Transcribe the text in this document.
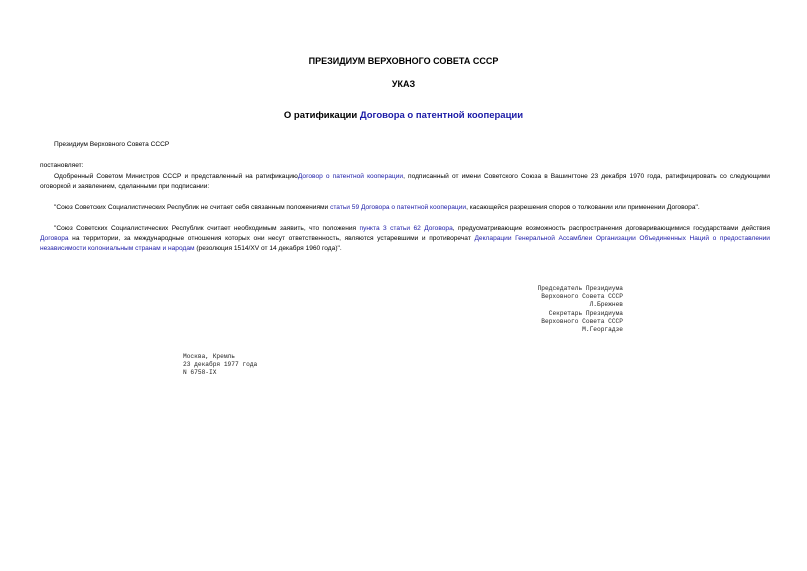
ПРЕЗИДИУМ ВЕРХОВНОГО СОВЕТА СССР
УКАЗ
О ратификации Договора о патентной кооперации
Президиум Верховного Совета СССР
постановляет:
Одобренный Советом Министров СССР и представленный на ратификациюДоговор о патентной кооперации, подписанный от имени Советского Союза в Вашингтоне 23 декабря 1970 года, ратифицировать со следующими оговоркой и заявлением, сделанными при подписании:
"Союз Советских Социалистических Республик не считает себя связанным положениями статьи 59 Договора о патентной кооперации, касающейся разрешения споров о толковании или применении Договора".
"Союз Советских Социалистических Республик считает необходимым заявить, что положения пункта 3 статьи 62 Договора, предусматривающие возможность распространения договаривающимися государствами действия Договора на территории, за международные отношения которых они несут ответственность, являются устаревшими и противоречат Декларации Генеральной Ассамблеи Организации Объединенных Наций о предоставлении независимости колониальным странам и народам (резолюция 1514/XV от 14 декабря 1960 года)".
Председатель Президиума
Верховного Совета СССР
Л.Брежнев
Секретарь Президиума
Верховного Совета СССР
М.Георгадзе
Москва, Кремль
23 декабря 1977 года
N 6758-IX
